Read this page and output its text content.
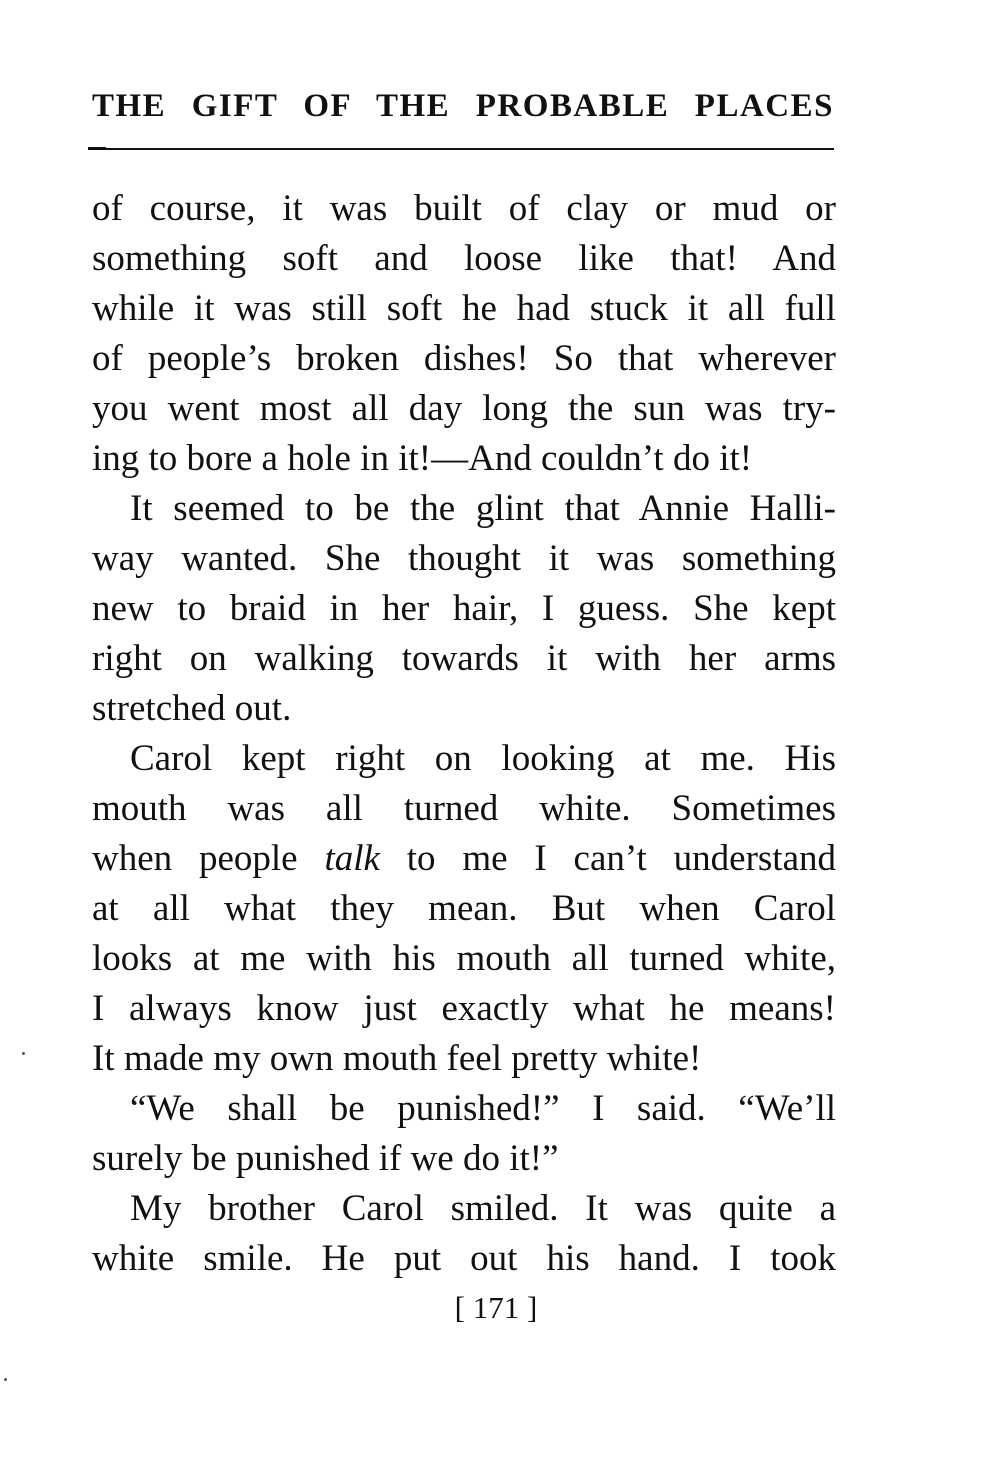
THE GIFT OF THE PROBABLE PLACES
of course, it was built of clay or mud or
something soft and loose like that! And
while it was still soft he had stuck it all full
of people’s broken dishes! So that wherever
you went most all day long the sun was try-
ing to bore a hole in it!—And couldn’t do it!
It seemed to be the glint that Annie Halli-
way wanted. She thought it was something
new to braid in her hair, I guess. She kept
right on walking towards it with her arms
stretched out.
Carol kept right on looking at me. His
mouth was all turned white. Sometimes
when people talk to me I can’t understand
at all what they mean. But when Carol
looks at me with his mouth all turned white,
I always know just exactly what he means!
It made my own mouth feel pretty white!
“We shall be punished!” I said. “We’ll
surely be punished if we do it!”
My brother Carol smiled. It was quite a
white smile. He put out his hand. I took
[ 171 ]
